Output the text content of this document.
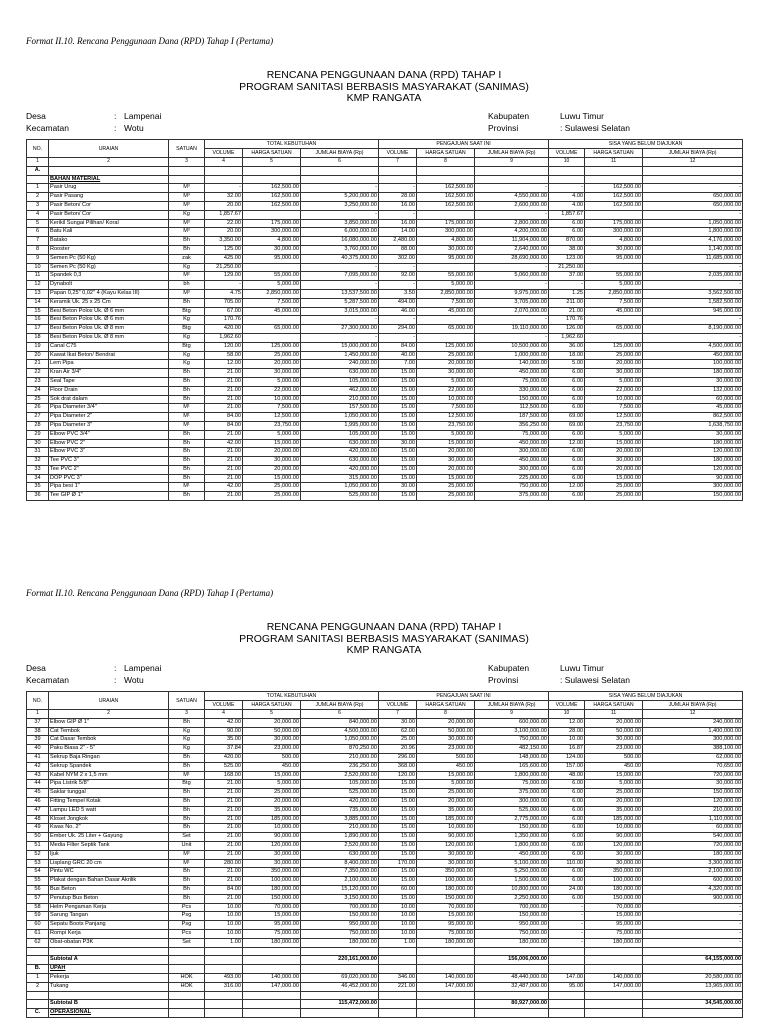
Format II.10. Rencana Penggunaan Dana (RPD) Tahap I (Pertama)
RENCANA PENGGUNAAN DANA (RPD) TAHAP I
PROGRAM SANITASI BERBASIS MASYARAKAT (SANIMAS)
KMP RANGATA
Desa	: Lampenai
Kecamatan	: Wotu
Kabupaten	Luwu Timur
Provinsi	: Sulawesi Selatan
NO.	URAIAN	SATUAN	TOTAL KEBUTUHAN			PENGAJUAN SAAT INI			SISA YANG BELUM DIAJUKAN		
			VOLUME	HARGA SATUAN	JUMLAH BIAYA (Rp)	VOLUME	HARGA SATUAN	JUMLAH BIAYA (Rp)	VOLUME	HARGA SATUAN	JUMLAH BIAYA (Rp)
1	2	3	4	5	6	7	8	9	10	11	12
A.											
	BAHAN MATERIAL										
1	Pasir Urug	M³	-	162,500.00	-	-	162,500.00	-	-	162,500.00	-
2	Pasir Pasang	M³	32.00	162,500.00	5,200,000.00	28.00	162,500.00	4,550,000.00	4.00	162,500.00	650,000.00
3	Pasir Beton/ Cor	M³	20.00	162,500.00	3,250,000.00	16.00	162,500.00	2,600,000.00	4.00	162,500.00	650,000.00
4	Pasir Beton/ Cor	Kg	1,857.67		-	-		-	1,857.67		-
5	Kerikil Sungai Pilihan/ Koral	M³	22.00	175,000.00	3,850,000.00	16.00	175,000.00	2,800,000.00	6.00	175,000.00	1,050,000.00
6	Batu Kali	M³	20.00	300,000.00	6,000,000.00	14.00	300,000.00	4,200,000.00	6.00	300,000.00	1,800,000.00
7	Batako	Bh	3,350.00	4,800.00	16,080,000.00	2,480.00	4,800.00	11,904,000.00	870.00	4,800.00	4,176,000.00
8	Rooster	Bh	125.00	30,000.00	3,760,000.00	88.00	30,000.00	2,640,000.00	38.00	30,000.00	1,140,000.00
9	Semen Pc (50 Kg)	zak	425.00	95,000.00	40,375,000.00	302.00	95,000.00	28,690,000.00	123.00	95,000.00	11,685,000.00
10	Semen Pc (50 Kg)	Kg	21,250.00		-	-		-	21,250.00		-
11	Spandek 0,3	M²	129.00	55,000.00	7,095,000.00	92.00	55,000.00	5,060,000.00	37.00	55,000.00	2,035,000.00
12	Dynabolt	bh	-	5,000.00	-	-	5,000.00	-	-	5,000.00	-
13	Papan 0,25" 0,02" 4 (Kayu Kelas III)	M³	4.75	2,850,000.00	13,537,500.00	3.50	2,850,000.00	9,975,000.00	1.25	2,850,000.00	3,562,500.00
14	Keramik Uk. 25 x 25 Cm	Bh	705.00	7,500.00	5,287,500.00	494.00	7,500.00	3,705,000.00	211.00	7,500.00	1,582,500.00
15	Besi Beton Polos Uk. Ø 6 mm	Btg	67.00	45,000.00	3,015,000.00	46.00	45,000.00	2,070,000.00	21.00	45,000.00	945,000.00
16	Besi Beton Polos Uk. Ø 6 mm	Kg	170.76		-	-		-	170.76		-
17	Besi Beton Polos Uk. Ø 8 mm	Btg	420.00	65,000.00	27,300,000.00	294.00	65,000.00	19,110,000.00	126.00	65,000.00	8,190,000.00
18	Besi Beton Polos Uk. Ø 8 mm	Kg	1,962.60		-	-		-	1,962.60		-
19	Canal C75	Btg	120.00	125,000.00	15,000,000.00	84.00	125,000.00	10,500,000.00	36.00	125,000.00	4,500,000.00
20	Kawat Ikat Beton/ Bendrat	Kg	58.00	25,000.00	1,450,000.00	40.00	25,000.00	1,000,000.00	18.00	25,000.00	450,000.00
21	Lem Pipa	Kg	12.00	20,000.00	240,000.00	7.00	20,000.00	140,000.00	5.00	20,000.00	100,000.00
22	Kran Air 3/4"	Bh	21.00	30,000.00	630,000.00	15.00	30,000.00	450,000.00	6.00	30,000.00	180,000.00
23	Seal Tape	Bh	21.00	5,000.00	105,000.00	15.00	5,000.00	75,000.00	6.00	5,000.00	30,000.00
24	Floor Drain	Bh	21.00	22,000.00	462,000.00	15.00	22,000.00	330,000.00	6.00	22,000.00	132,000.00
25	Sok drat dalam	Bh	21.00	10,000.00	210,000.00	15.00	10,000.00	150,000.00	6.00	10,000.00	60,000.00
26	Pipa Diameter 3/4"	M¹	21.00	7,500.00	157,500.00	15.00	7,500.00	112,500.00	6.00	7,500.00	45,000.00
27	Pipa Diameter 2"	M¹	84.00	12,500.00	1,050,000.00	15.00	12,500.00	187,500.00	69.00	12,500.00	862,500.00
28	Pipa Diameter 3"	M¹	84.00	23,750.00	1,995,000.00	15.00	23,750.00	356,250.00	69.00	23,750.00	1,638,750.00
29	Elbow PVC 3/4"	Bh	21.00	5,000.00	105,000.00	15.00	5,000.00	75,000.00	6.00	5,000.00	30,000.00
30	Elbow PVC 2"	Bh	42.00	15,000.00	630,000.00	30.00	15,000.00	450,000.00	12.00	15,000.00	180,000.00
31	Elbow PVC 3"	Bh	21.00	20,000.00	420,000.00	15.00	20,000.00	300,000.00	6.00	20,000.00	120,000.00
32	Tee PVC 3"	Bh	21.00	30,000.00	630,000.00	15.00	30,000.00	450,000.00	6.00	30,000.00	180,000.00
33	Tee PVC 2"	Bh	21.00	20,000.00	420,000.00	15.00	20,000.00	300,000.00	6.00	20,000.00	120,000.00
34	DOP PVC 3"	Bh	21.00	15,000.00	315,000.00	15.00	15,000.00	225,000.00	6.00	15,000.00	90,000.00
35	Pipa besi 1"	M¹	42.00	25,000.00	1,050,000.00	30.00	25,000.00	750,000.00	12.00	25,000.00	300,000.00
36	Tee GIP Ø 1"	Bh	21.00	25,000.00	525,000.00	15.00	25,000.00	375,000.00	6.00	25,000.00	150,000.00
Format II.10. Rencana Penggunaan Dana (RPD) Tahap I (Pertama)
RENCANA PENGGUNAAN DANA (RPD) TAHAP I
PROGRAM SANITASI BERBASIS MASYARAKAT (SANIMAS)
KMP RANGATA
Desa	: Lampenai
Kecamatan	: Wotu
Kabupaten	Luwu Timur
Provinsi	: Sulawesi Selatan
NO.	URAIAN	SATUAN	TOTAL KEBUTUHAN			PENGAJUAN SAAT INI			SISA YANG BELUM DIAJUKAN		
			VOLUME	HARGA SATUAN	JUMLAH BIAYA (Rp)	VOLUME	HARGA SATUAN	JUMLAH BIAYA (Rp)	VOLUME	HARGA SATUAN	JUMLAH BIAYA (Rp)
1	2	3	4	5	6	7	8	9	10	11	12
37	Elbow GIP Ø 1"	Bh	42.00	20,000.00	840,000.00	30.00	20,000.00	600,000.00	12.00	20,000.00	240,000.00
38	Cat Tembok	Kg	90.00	50,000.00	4,500,000.00	62.00	50,000.00	3,100,000.00	28.00	50,000.00	1,400,000.00
39	Cat Dasar Tembok	Kg	35.00	30,000.00	1,050,000.00	25.00	30,000.00	750,000.00	10.00	30,000.00	300,000.00
40	Paku Biasa 2" - 5"	Kg	37.84	23,000.00	870,250.00	20.96	23,000.00	482,150.00	16.87	23,000.00	388,100.00
41	Sekrup Baja Ringan	Bh	420.00	500.00	210,000.00	296.00	500.00	148,000.00	124.00	500.00	62,000.00
42	Sekrup Spandek	Bh	525.00	450.00	236,250.00	368.00	450.00	165,600.00	157.00	450.00	70,650.00
43	Kabel NYM 2 x 1,5 mm	M¹	168.00	15,000.00	2,520,000.00	120.00	15,000.00	1,800,000.00	48.00	15,000.00	720,000.00
44	Pipa Listrik 5/8"	Btg	21.00	5,000.00	105,000.00	15.00	5,000.00	75,000.00	6.00	5,000.00	30,000.00
45	Saklar tunggal	Bh	21.00	25,000.00	525,000.00	15.00	25,000.00	375,000.00	6.00	25,000.00	150,000.00
46	Fitting Tempel Kotak	Bh	21.00	20,000.00	420,000.00	15.00	20,000.00	300,000.00	6.00	20,000.00	120,000.00
47	Lampu LED 5 watt	Bh	21.00	35,000.00	735,000.00	15.00	35,000.00	525,000.00	6.00	35,000.00	210,000.00
48	Kloset Jongkok	Bh	21.00	185,000.00	3,885,000.00	15.00	185,000.00	2,775,000.00	6.00	185,000.00	1,110,000.00
49	Kwas No. 2"	Bh	21.00	10,000.00	210,000.00	15.00	10,000.00	150,000.00	6.00	10,000.00	60,000.00
50	Ember Uk. 25 Liter + Gayung	Set	21.00	90,000.00	1,890,000.00	15.00	90,000.00	1,350,000.00	6.00	90,000.00	540,000.00
51	Media Filter Septik Tank	Unit	21.00	120,000.00	2,520,000.00	15.00	120,000.00	1,800,000.00	6.00	120,000.00	720,000.00
52	Ijuk	M²	21.00	30,000.00	630,000.00	15.00	30,000.00	450,000.00	6.00	30,000.00	180,000.00
53	Lisplang GRC 20 cm	M¹	280.00	30,000.00	8,400,000.00	170.00	30,000.00	5,100,000.00	110.00	30,000.00	3,300,000.00
54	Pintu WC	Bh	21.00	350,000.00	7,350,000.00	15.00	350,000.00	5,250,000.00	6.00	350,000.00	2,100,000.00
55	Plakat dengan Bahan Dasar Akrilik	Bh	21.00	100,000.00	2,100,000.00	15.00	100,000.00	1,500,000.00	6.00	100,000.00	600,000.00
56	Bus Beton	Bh	84.00	180,000.00	15,120,000.00	60.00	180,000.00	10,800,000.00	24.00	180,000.00	4,320,000.00
57	Penutup Bus Beton	Bh	21.00	150,000.00	3,150,000.00	15.00	150,000.00	2,250,000.00	6.00	150,000.00	900,000.00
58	Helm Pengaman Kerja	Pcs	10.00	70,000.00	700,000.00	10.00	70,000.00	700,000.00	-	70,000.00	-
59	Sarung Tangan	Psg	10.00	15,000.00	150,000.00	10.00	15,000.00	150,000.00	-	15,000.00	-
60	Sepatu Boots Panjang	Psg	10.00	95,000.00	950,000.00	10.00	95,000.00	950,000.00	-	95,000.00	-
61	Rompi Kerja	Pcs	10.00	75,000.00	750,000.00	10.00	75,000.00	750,000.00	-	75,000.00	-
62	Obat-obatan P3K	Set	1.00	180,000.00	180,000.00	1.00	180,000.00	180,000.00	-	180,000.00	-

	Subtotal A				220,161,000.00			156,006,000.00			64,155,000.00
B.	UPAH										
1	Pekerja	HOK	493.00	140,000.00	69,020,000.00	346.00	140,000.00	48,440,000.00	147.00	140,000.00	20,580,000.00
2	Tukang	HOK	316.00	147,000.00	46,452,000.00	221.00	147,000.00	32,487,000.00	95.00	147,000.00	13,965,000.00

	Subtotal B				115,472,000.00			80,927,000.00			34,545,000.00
C.	OPERASIONAL										
